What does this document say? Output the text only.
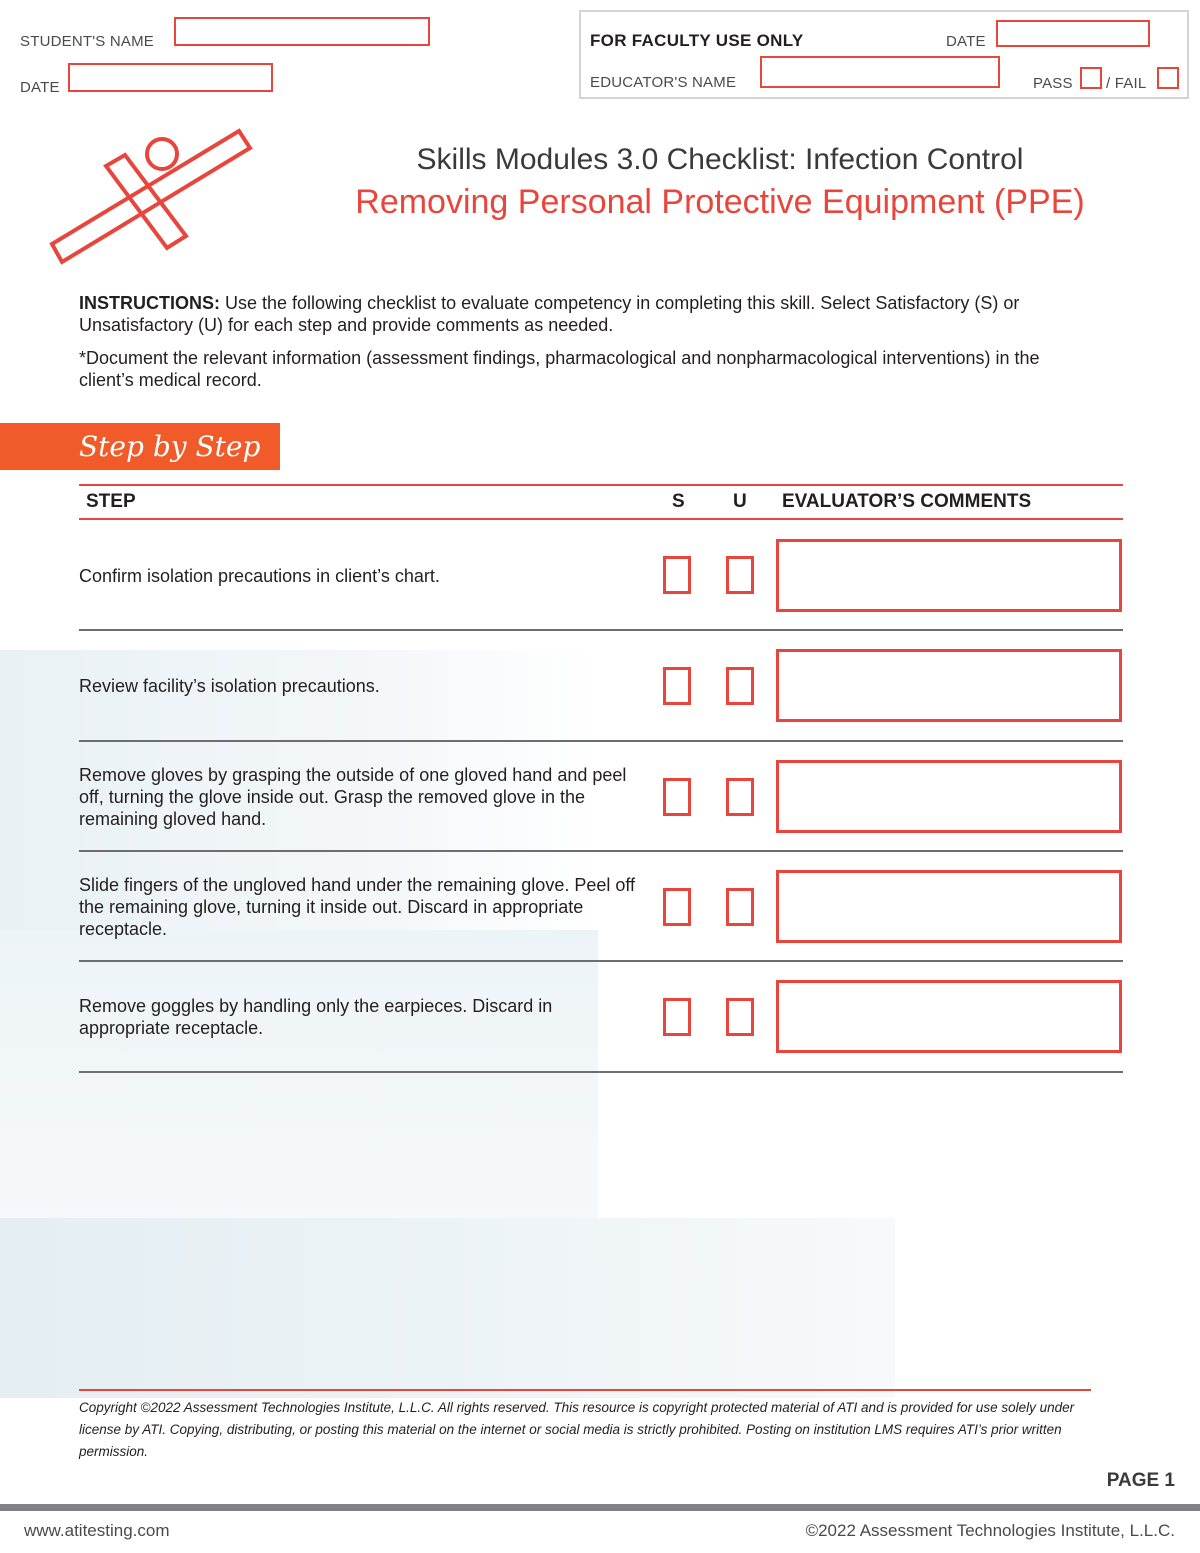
STUDENT'S NAME
DATE
FOR FACULTY USE ONLY	DATE
EDUCATOR'S NAME	PASS / FAIL
Skills Modules 3.0 Checklist: Infection Control
Removing Personal Protective Equipment (PPE)

INSTRUCTIONS: Use the following checklist to evaluate competency in completing this skill. Select Satisfactory (S) or Unsatisfactory (U) for each step and provide comments as needed.

*Document the relevant information (assessment findings, pharmacological and nonpharmacological interventions) in the client’s medical record.

Step by Step
STEP	S	U EVALUATOR’S COMMENTS
Confirm isolation precautions in client’s chart.
Review facility’s isolation precautions.
Remove gloves by grasping the outside of one gloved hand and peel off, turning the glove inside out. Grasp the removed glove in the remaining gloved hand.
Slide fingers of the ungloved hand under the remaining glove. Peel off the remaining glove, turning it inside out. Discard in appropriate receptacle.
Remove goggles by handling only the earpieces. Discard in appropriate receptacle.
Copyright ©2022 Assessment Technologies Institute, L.L.C. All rights reserved. This resource is copyright protected material of ATI and is provided for use solely under license by ATI. Copying, distributing, or posting this material on the internet or social media is strictly prohibited. Posting on institution LMS requires ATI’s prior written permission.
PAGE 1
www.atitesting.com	©2022 Assessment Technologies Institute, L.L.C.
